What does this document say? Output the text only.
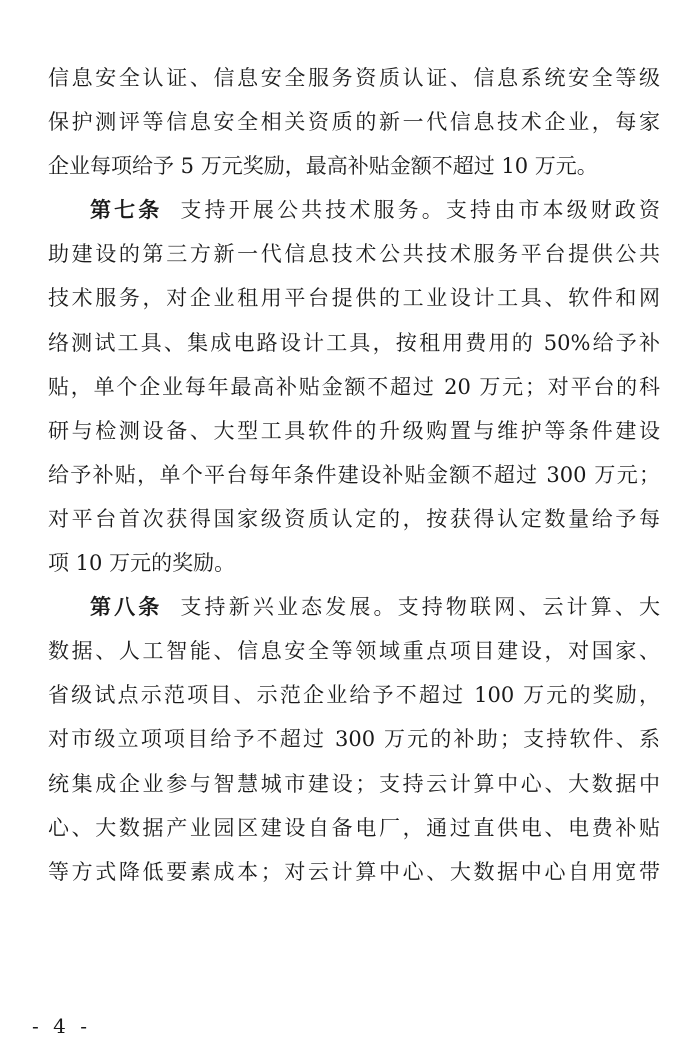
信息安全认证、信息安全服务资质认证、信息系统安全等级
保护测评等信息安全相关资质的新一代信息技术企业，每家
企业每项给予 5 万元奖励，最高补贴金额不超过 10 万元。
第七条 支持开展公共技术服务。支持由市本级财政资
助建设的第三方新一代信息技术公共技术服务平台提供公共
技术服务，对企业租用平台提供的工业设计工具、软件和网
络测试工具、集成电路设计工具，按租用费用的 50%给予补
贴，单个企业每年最高补贴金额不超过 20 万元；对平台的科
研与检测设备、大型工具软件的升级购置与维护等条件建设
给予补贴，单个平台每年条件建设补贴金额不超过 300 万元；
对平台首次获得国家级资质认定的，按获得认定数量给予每
项 10 万元的奖励。
第八条 支持新兴业态发展。支持物联网、云计算、大
数据、人工智能、信息安全等领域重点项目建设，对国家、
省级试点示范项目、示范企业给予不超过 100 万元的奖励，
对市级立项项目给予不超过 300 万元的补助；支持软件、系
统集成企业参与智慧城市建设；支持云计算中心、大数据中
心、大数据产业园区建设自备电厂，通过直供电、电费补贴
等方式降低要素成本；对云计算中心、大数据中心自用宽带
- 4 -
